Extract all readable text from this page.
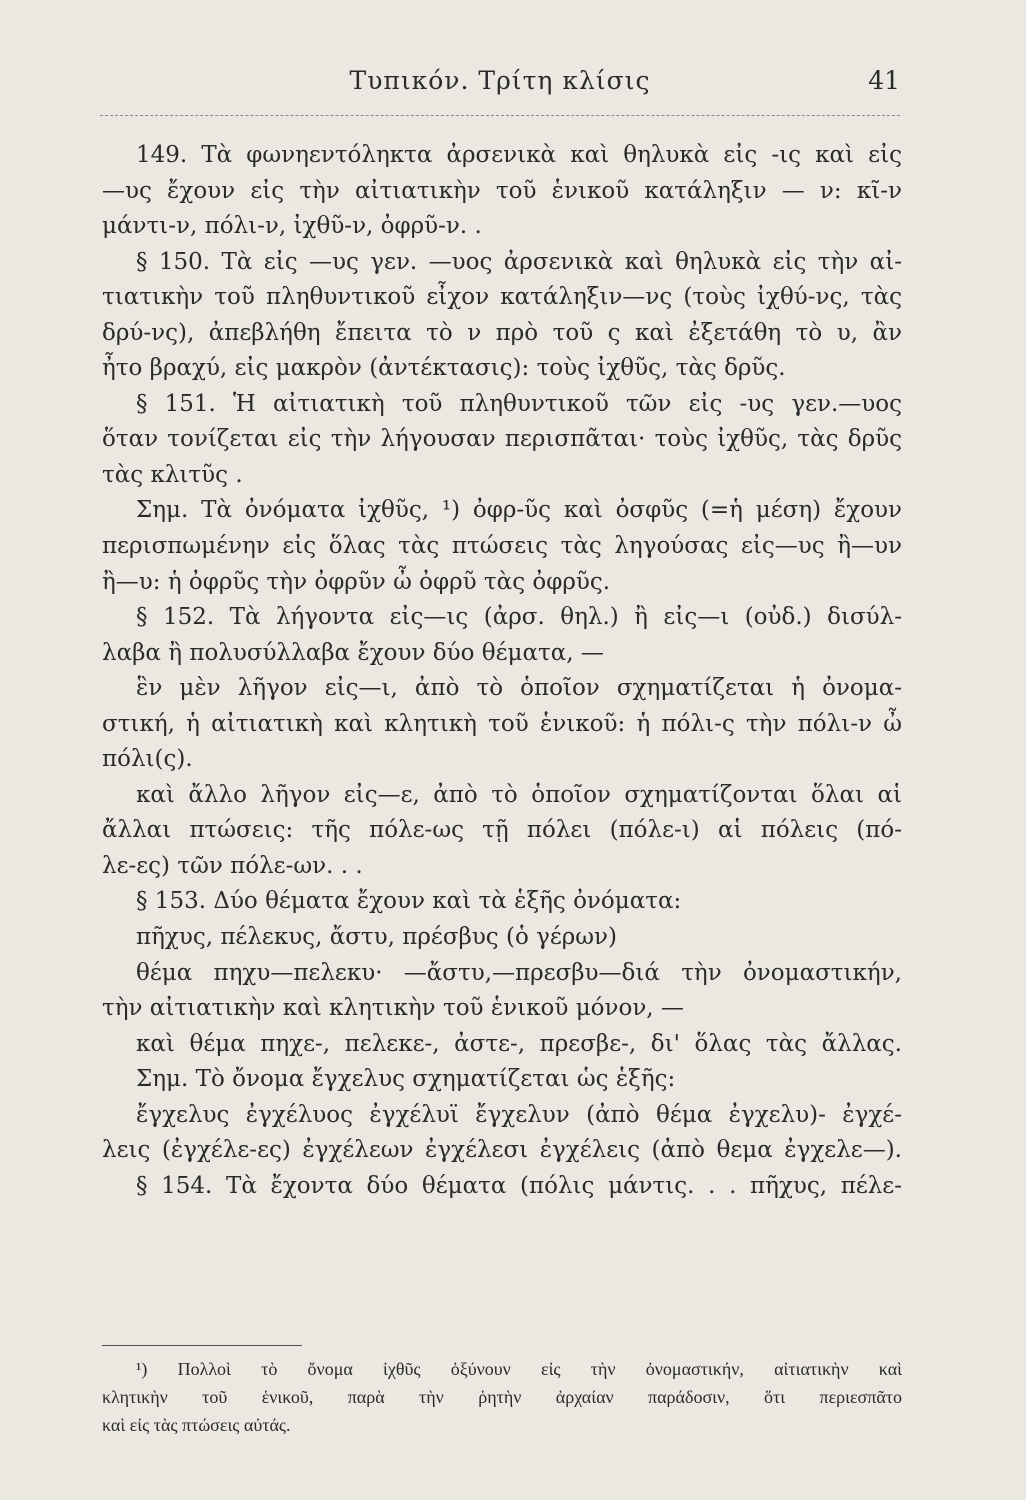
Τυπικόν. Τρίτη κλίσις	41
149. Τὰ φωνηεντόληκτα ἀρσενικὰ καὶ θηλυκὰ εἰς -ις καὶ εἰς
—υς ἔχουν εἰς τὴν αἰτιατικὴν τοῦ ἑνικοῦ κατάληξιν — ν: κῖ-ν
μάντι-ν, πόλι-ν, ἰχθῦ-ν, ὀφρῦ-ν. .
§ 150. Τὰ εἰς —υς γεν. —υος ἀρσενικὰ καὶ θηλυκὰ εἰς τὴν αἰ-
τιατικὴν τοῦ πληθυντικοῦ εἶχον κατάληξιν—νς (τοὺς ἰχθύ-νς, τὰς
δρύ-νς), ἀπεβλήθη ἔπειτα τὸ ν πρὸ τοῦ ς καὶ ἐξετάθη τὸ υ, ἂν
ἦτο βραχύ, εἰς μακρὸν (ἀντέκτασις): τοὺς ἰχθῦς, τὰς δρῦς.
§ 151. Ἡ αἰτιατικὴ τοῦ πληθυντικοῦ τῶν εἰς -υς γεν.—υος
ὅταν τονίζεται εἰς τὴν λήγουσαν περισπᾶται· τοὺς ἰχθῦς, τὰς δρῦς
τὰς κλιτῦς .
Σημ. Τὰ ὀνόματα ἰχθῦς, ¹) ὀφρ-ῦς καὶ ὀσφῦς (=ἡ μέση) ἔχουν
περισπωμένην εἰς ὅλας τὰς πτώσεις τὰς ληγούσας εἰς—υς ἢ—υν
ἢ—υ: ἡ ὀφρῦς τὴν ὀφρῦν ὦ ὀφρῦ τὰς ὀφρῦς.
§ 152. Τὰ λήγοντα εἰς—ις (ἀρσ. θηλ.) ἢ εἰς—ι (οὐδ.) δισύλ-
λαβα ἢ πολυσύλλαβα ἔχουν δύο θέματα, —
ἓν μὲν λῆγον εἰς—ι, ἀπὸ τὸ ὁποῖον σχηματίζεται ἡ ὀνομα-
στική, ἡ αἰτιατικὴ καὶ κλητικὴ τοῦ ἑνικοῦ: ἡ πόλι-ς τὴν πόλι-ν ὦ
πόλι(ς).
καὶ ἄλλο λῆγον εἰς—ε, ἀπὸ τὸ ὁποῖον σχηματίζονται ὅλαι αἱ
ἄλλαι πτώσεις: τῆς πόλε-ως τῇ πόλει (πόλε-ι) αἱ πόλεις (πό-
λε-ες) τῶν πόλε-ων. . .
§ 153. Δύο θέματα ἔχουν καὶ τὰ ἑξῆς ὀνόματα:
πῆχυς, πέλεκυς, ἄστυ, πρέσβυς (ὁ γέρων)
θέμα πηχυ—πελεκυ· —ἄστυ,—πρεσβυ—διά τὴν ὀνομαστικήν,
τὴν αἰτιατικὴν καὶ κλητικὴν τοῦ ἑνικοῦ μόνον, —
καὶ θέμα πηχε-, πελεκε-, ἀστε-, πρεσβε-, δι' ὅλας τὰς ἄλλας.
Σημ. Τὸ ὄνομα ἔγχελυς σχηματίζεται ὡς ἑξῆς:
ἔγχελυς ἐγχέλυος ἐγχέλυϊ ἔγχελυν (ἀπὸ θέμα ἐγχελυ)- ἐγχέ-
λεις (ἐγχέλε-ες) ἐγχέλεων ἐγχέλεσι ἐγχέλεις (ἀπὸ θεμα ἐγχελε—).
§ 154. Τὰ ἔχοντα δύο θέματα (πόλις μάντις. . . πῆχυς, πέλε-
¹) Πολλοὶ τὸ ὄνομα ἰχθῦς ὀξύνουν εἰς τὴν ὀνομαστικήν, αἰτιατικὴν καὶ
κλητικὴν τοῦ ἑνικοῦ, παρὰ τὴν ῥητὴν ἀρχαίαν παράδοσιν, ὅτι περιεσπᾶτο
καὶ εἰς τὰς πτώσεις αὐτάς.
